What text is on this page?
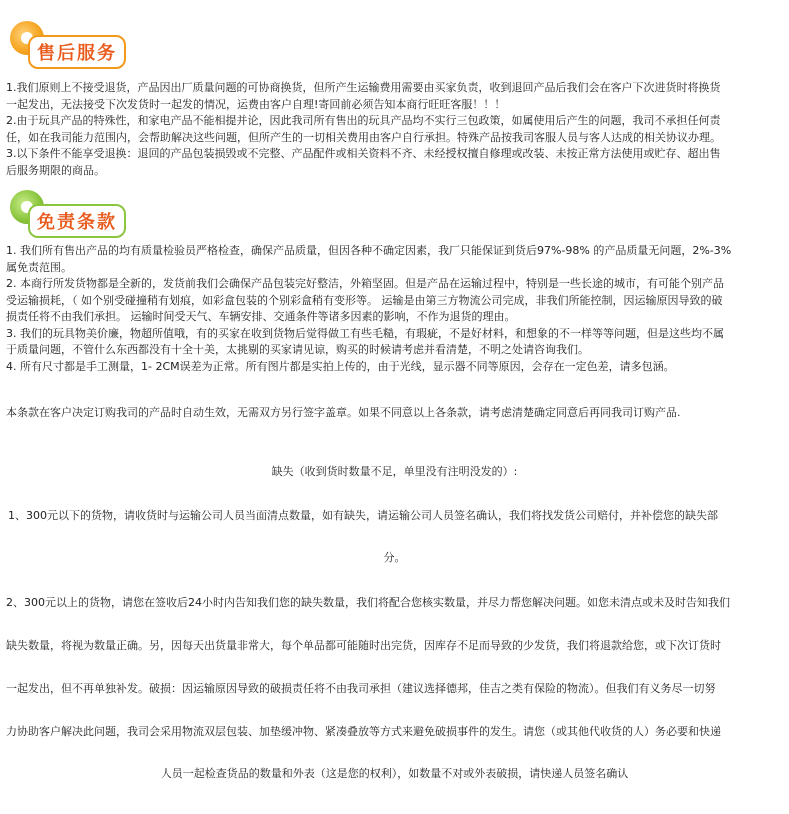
售后服务
1.我们原则上不接受退货，产品因出厂质量问题的可协商换货，但所产生运输费用需要由买家负责，收到退回产品后我们会在客户下次进货时将换货
一起发出，无法接受下次发货时一起发的情况，运费由客户自理!寄回前必须告知本商行旺旺客服！！！
2.由于玩具产品的特殊性，和家电产品不能相提并论，因此我司所有售出的玩具产品均不实行三包政策，如属使用后产生的问题，我司不承担任何责
任，如在我司能力范围内，会帮助解决这些问题，但所产生的一切相关费用由客户自行承担。特殊产品按我司客服人员与客人达成的相关协议办理。
3.以下条件不能享受退换：退回的产品包装损毁或不完整、产品配件或相关资料不齐、未经授权擅自修理或改装、未按正常方法使用或贮存、超出售
后服务期限的商品。
免责条款
1. 我们所有售出产品的均有质量检验员严格检查，确保产品质量，但因各种不确定因素，我厂只能保证到货后97%-98% 的产品质量无问题，2%-3%
属免责范围。
2. 本商行所发货物都是全新的，发货前我们会确保产品包装完好整洁，外箱坚固。但是产品在运输过程中，特别是一些长途的城市，有可能个别产品
受运输损耗，（ 如个别受碰撞稍有划痕，如彩盒包装的个别彩盒稍有变形等。 运输是由第三方物流公司完成，非我们所能控制，因运输原因导致的破
损责任将不由我们承担。 运输时间受天气、车辆安排、交通条件等诸多因素的影响，不作为退货的理由。
3. 我们的玩具物美价廉，物超所值哦，有的买家在收到货物后觉得做工有些毛糙，有瑕疵，不是好材料，和想象的不一样等等问题，但是这些均不属
于质量问题，不管什么东西都没有十全十美，太挑剔的买家请见谅，购买的时候请考虑并看清楚，不明之处请咨询我们。
4. 所有尺寸都是手工测量，1- 2CM误差为正常。所有图片都是实拍上传的，由于光线，显示器不同等原因，会存在一定色差，请多包涵。
本条款在客户决定订购我司的产品时自动生效，无需双方另行签字盖章。如果不同意以上各条款，请考虑清楚确定同意后再同我司订购产品.
缺失（收到货时数量不足，单里没有注明没发的）:
1、300元以下的货物，请收货时与运输公司人员当面清点数量，如有缺失，请运输公司人员签名确认，我们将找发货公司赔付，并补偿您的缺失部
分。
2、300元以上的货物，请您在签收后24小时内告知我们您的缺失数量，我们将配合您核实数量，并尽力帮您解决问题。如您未清点或未及时告知我们
缺失数量，将视为数量正确。另，因每天出货量非常大，每个单品都可能随时出完货，因库存不足而导致的少发货，我们将退款给您，或下次订货时
一起发出，但不再单独补发。破损：因运输原因导致的破损责任将不由我司承担（建议选择德邦，佳吉之类有保险的物流）。但我们有义务尽一切努
力协助客户解决此问题，我司会采用物流双层包装、加垫缓冲物、紧凑叠放等方式来避免破损事件的发生。请您（或其他代收货的人）务必要和快递
人员一起检查货品的数量和外表（这是您的权利），如数量不对或外表破损，请快递人员签名确认
